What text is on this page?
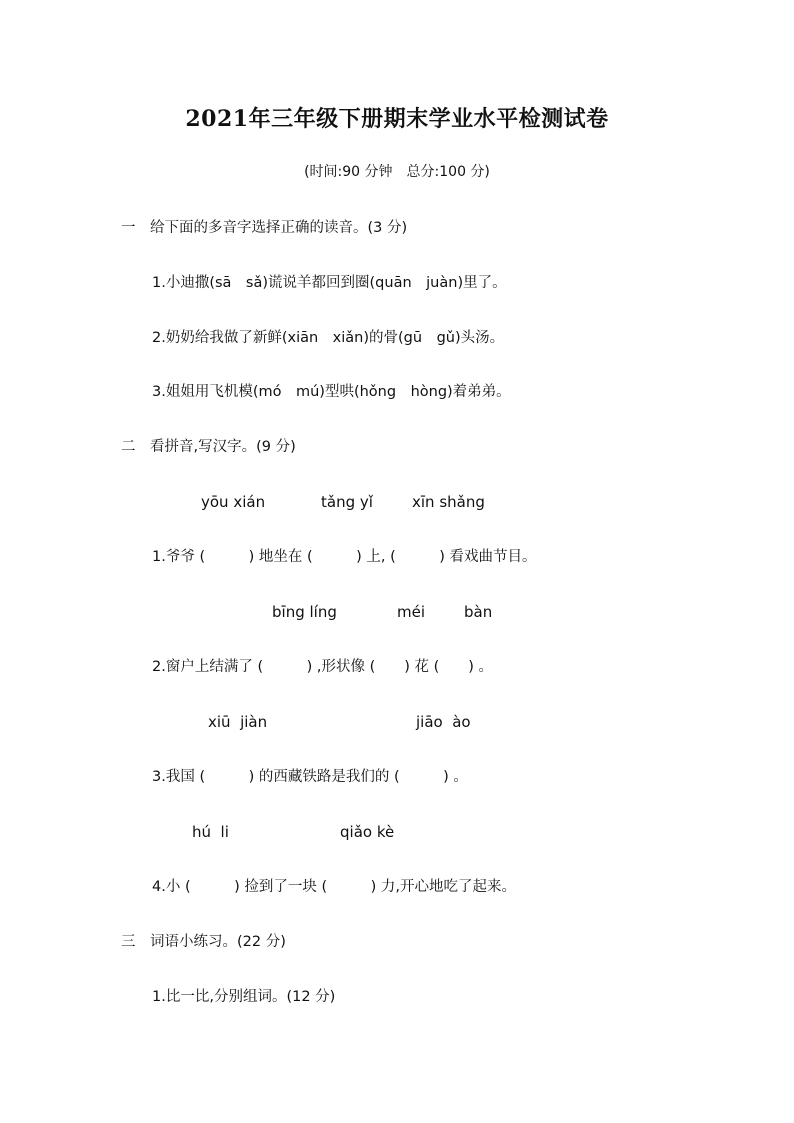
2021年三年级下册期末学业水平检测试卷
(时间:90 分钟　总分:100 分)
一　给下面的多音字选择正确的读音。(3 分)
1.小迪撒(sā　sǎ)谎说羊都回到圈(quān　juàn)里了。
2.奶奶给我做了新鲜(xiān　xiǎn)的骨(gū　gǔ)头汤。
3.姐姐用飞机模(mó　mú)型哄(hǒng　hòng)着弟弟。
二　看拼音,写汉字。(9 分)
yōu xián	tǎng yǐ	xīn shǎng
1.爷爷 (　　　) 地坐在 (　　　) 上, (　　　) 看戏曲节目。
bīng líng	méi	bàn
2.窗户上结满了 (　　　) ,形状像 (　　) 花 (　　) 。
xiū  jiàn	jiāo  ào
3.我国 (　　　) 的西藏铁路是我们的 (　　　) 。
hú  li	qiǎo kè
4.小 (　　　) 捡到了一块 (　　　) 力,开心地吃了起来。
三　词语小练习。(22 分)
1.比一比,分别组词。(12 分)
